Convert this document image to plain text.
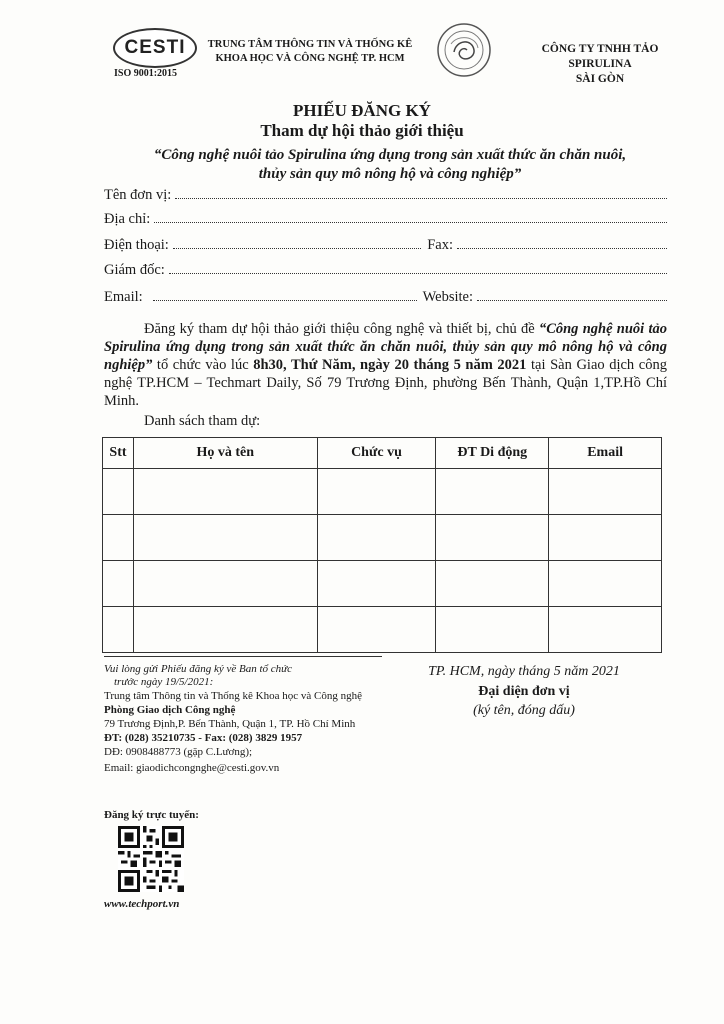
CESTI
ISO 9001:2015
TRUNG TÂM THÔNG TIN VÀ THỐNG KÊ
KHOA HỌC VÀ CÔNG NGHỆ TP. HCM
CÔNG TY TNHH TẢO SPIRULINA
SÀI GÒN
PHIẾU ĐĂNG KÝ
Tham dự hội thảo giới thiệu
“Công nghệ nuôi tảo Spirulina ứng dụng trong sản xuất thức ăn chăn nuôi,
thủy sản quy mô nông hộ và công nghiệp”
Tên đơn vị:
Địa chỉ:
Điện thoại:	Fax:
Giám đốc:
Email:	Website:
Đăng ký tham dự hội thảo giới thiệu công nghệ và thiết bị, chủ đề “Công nghệ nuôi tảo Spirulina ứng dụng trong sản xuất thức ăn chăn nuôi, thủy sản quy mô nông hộ và công nghiệp” tổ chức vào lúc 8h30, Thứ Năm, ngày 20 tháng 5 năm 2021 tại Sàn Giao dịch công nghệ TP.HCM – Techmart Daily, Số 79 Trương Định, phường Bến Thành, Quận 1,TP.Hồ Chí Minh.
Danh sách tham dự:
Stt	Họ và tên	Chức vụ	ĐT Di động	Email

Vui lòng gửi Phiếu đăng ký về Ban tổ chức
trước ngày 19/5/2021:
Trung tâm Thông tin và Thống kê Khoa học và Công nghệ
Phòng Giao dịch Công nghệ
79 Trương Định,P. Bến Thành, Quận 1, TP. Hồ Chí Minh
ĐT: (028) 35210735 - Fax: (028) 3829 1957
DĐ: 0908488773 (gặp C.Lương);
Email: giaodichcongnghe@cesti.gov.vn
TP. HCM, ngày tháng 5 năm 2021
Đại diện đơn vị
(ký tên, đóng dấu)
Đăng ký trực tuyến:
www.techport.vn
